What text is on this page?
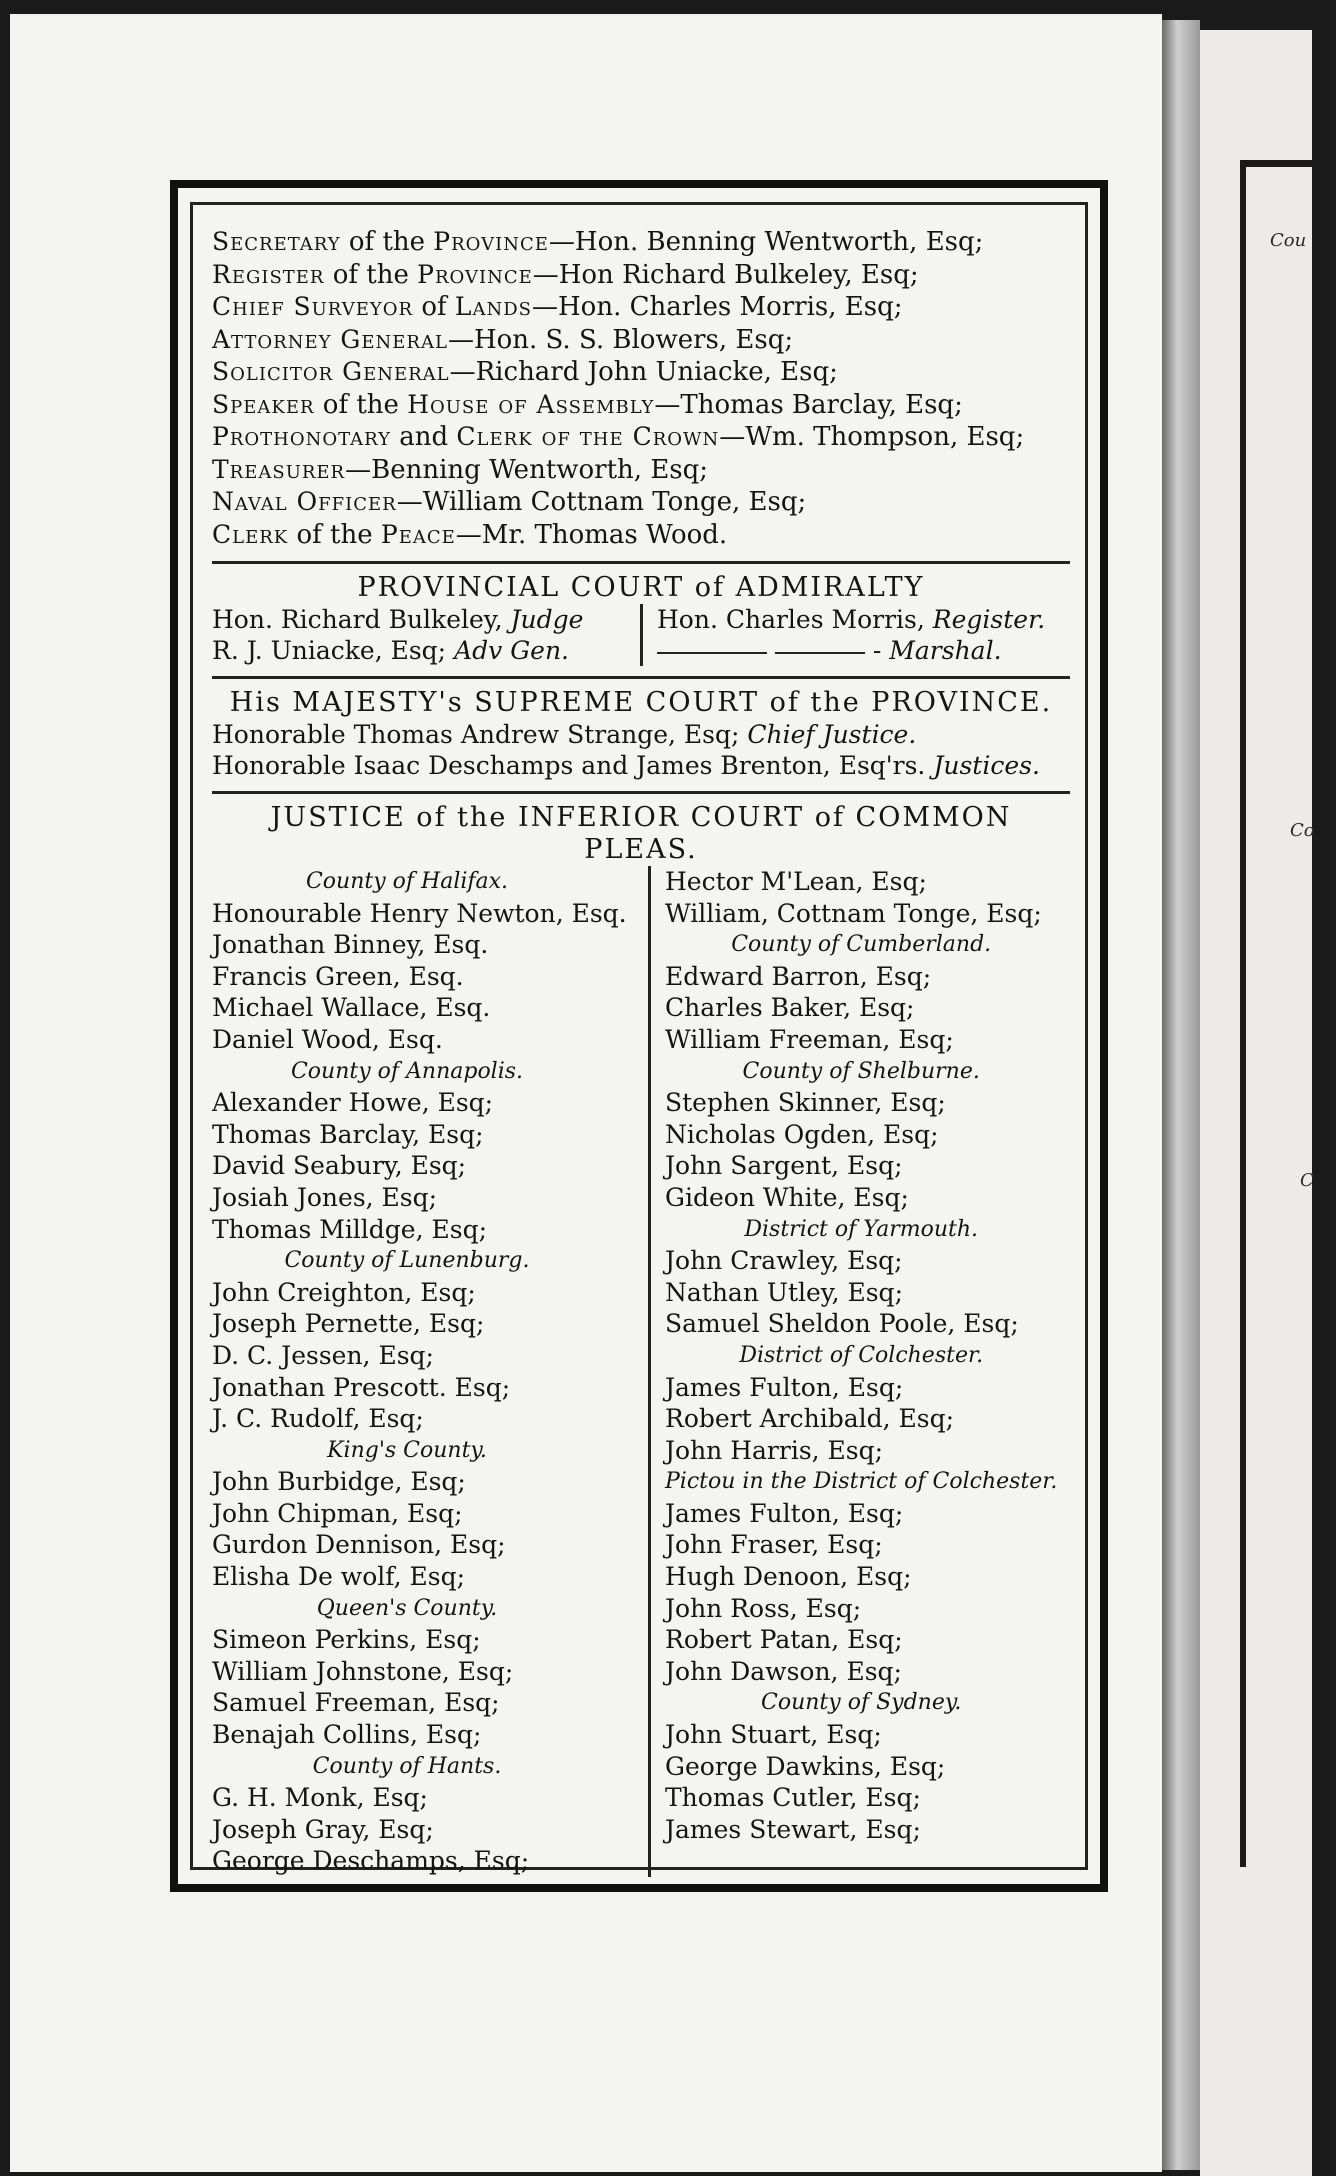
Cou
Co
C
Secretary of the Province—Hon. Benning Wentworth, Esq;
Register of the Province—Hon Richard Bulkeley, Esq;
Chief Surveyor of Lands—Hon. Charles Morris, Esq;
Attorney General—Hon. S. S. Blowers, Esq;
Solicitor General—Richard John Uniacke, Esq;
Speaker of the House of Assembly—Thomas Barclay, Esq;
Prothonotary and Clerk of the Crown—Wm. Thompson, Esq;
Treasurer—Benning Wentworth, Esq;
Naval Officer—William Cottnam Tonge, Esq;
Clerk of the Peace—Mr. Thomas Wood.
PROVINCIAL COURT of ADMIRALTY
Hon. Richard Bulkeley, Judge	Hon. Charles Morris, Register.
R. J. Uniacke, Esq; Adv Gen.	- Marshal.
His MAJESTY's SUPREME COURT of the PROVINCE.
Honorable Thomas Andrew Strange, Esq; Chief Justice.
Honorable Isaac Deschamps and James Brenton, Esq'rs. Justices.
JUSTICE of the INFERIOR COURT of COMMON PLEAS.
County of Halifax.
Honourable Henry Newton, Esq.
Jonathan Binney, Esq.
Francis Green, Esq.
Michael Wallace, Esq.
Daniel Wood, Esq.
County of Annapolis.
Alexander Howe, Esq;
Thomas Barclay, Esq;
David Seabury, Esq;
Josiah Jones, Esq;
Thomas Milldge, Esq;
County of Lunenburg.
John Creighton, Esq;
Joseph Pernette, Esq;
D. C. Jessen, Esq;
Jonathan Prescott. Esq;
J. C. Rudolf, Esq;
King's County.
John Burbidge, Esq;
John Chipman, Esq;
Gurdon Dennison, Esq;
Elisha De wolf, Esq;
Queen's County.
Simeon Perkins, Esq;
William Johnstone, Esq;
Samuel Freeman, Esq;
Benajah Collins, Esq;
County of Hants.
G. H. Monk, Esq;
Joseph Gray, Esq;
George Deschamps, Esq;
Hector M'Lean, Esq;
William, Cottnam Tonge, Esq;
County of Cumberland.
Edward Barron, Esq;
Charles Baker, Esq;
William Freeman, Esq;
County of Shelburne.
Stephen Skinner, Esq;
Nicholas Ogden, Esq;
John Sargent, Esq;
Gideon White, Esq;
District of Yarmouth.
John Crawley, Esq;
Nathan Utley, Esq;
Samuel Sheldon Poole, Esq;
District of Colchester.
James Fulton, Esq;
Robert Archibald, Esq;
John Harris, Esq;
Pictou in the District of Colchester.
James Fulton, Esq;
John Fraser, Esq;
Hugh Denoon, Esq;
John Ross, Esq;
Robert Patan, Esq;
John Dawson, Esq;
County of Sydney.
John Stuart, Esq;
George Dawkins, Esq;
Thomas Cutler, Esq;
James Stewart, Esq;
